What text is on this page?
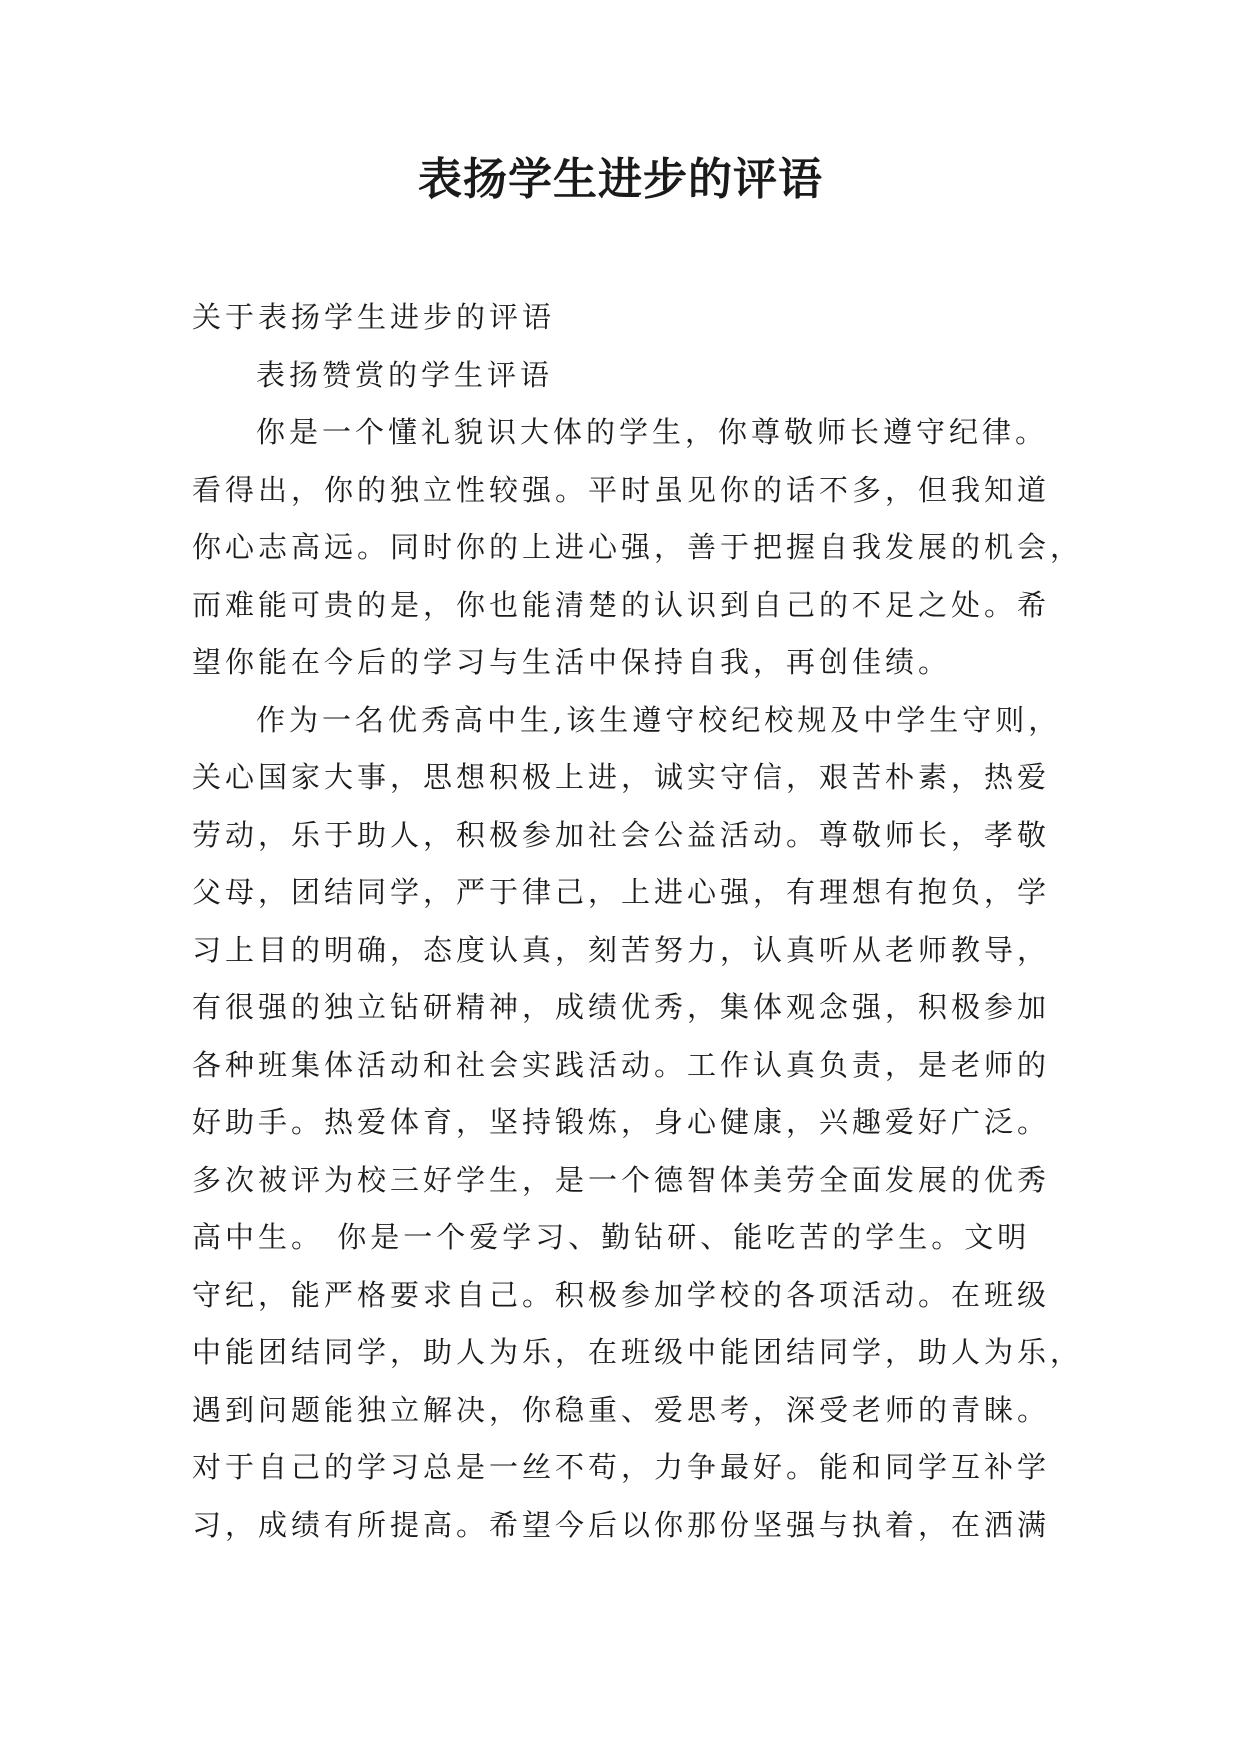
表扬学生进步的评语

关于表扬学生进步的评语

表扬赞赏的学生评语

你是一个懂礼貌识大体的学生，你尊敬师长遵守纪律。

看得出，你的独立性较强。平时虽见你的话不多，但我知道

你心志高远。同时你的上进心强，善于把握自我发展的机会，

而难能可贵的是，你也能清楚的认识到自己的不足之处。希

望你能在今后的学习与生活中保持自我，再创佳绩。

作为一名优秀高中生,该生遵守校纪校规及中学生守则，

关心国家大事，思想积极上进，诚实守信，艰苦朴素，热爱

劳动，乐于助人，积极参加社会公益活动。尊敬师长，孝敬

父母，团结同学，严于律己，上进心强，有理想有抱负，学

习上目的明确，态度认真，刻苦努力，认真听从老师教导，

有很强的独立钻研精神，成绩优秀，集体观念强，积极参加

各种班集体活动和社会实践活动。工作认真负责，是老师的

好助手。热爱体育，坚持锻炼，身心健康，兴趣爱好广泛。

多次被评为校三好学生，是一个德智体美劳全面发展的优秀

高中生。 你是一个爱学习、勤钻研、能吃苦的学生。文明

守纪，能严格要求自己。积极参加学校的各项活动。在班级

中能团结同学，助人为乐，在班级中能团结同学，助人为乐，

遇到问题能独立解决，你稳重、爱思考，深受老师的青睐。

对于自己的学习总是一丝不苟，力争最好。能和同学互补学

习，成绩有所提高。希望今后以你那份坚强与执着，在洒满
